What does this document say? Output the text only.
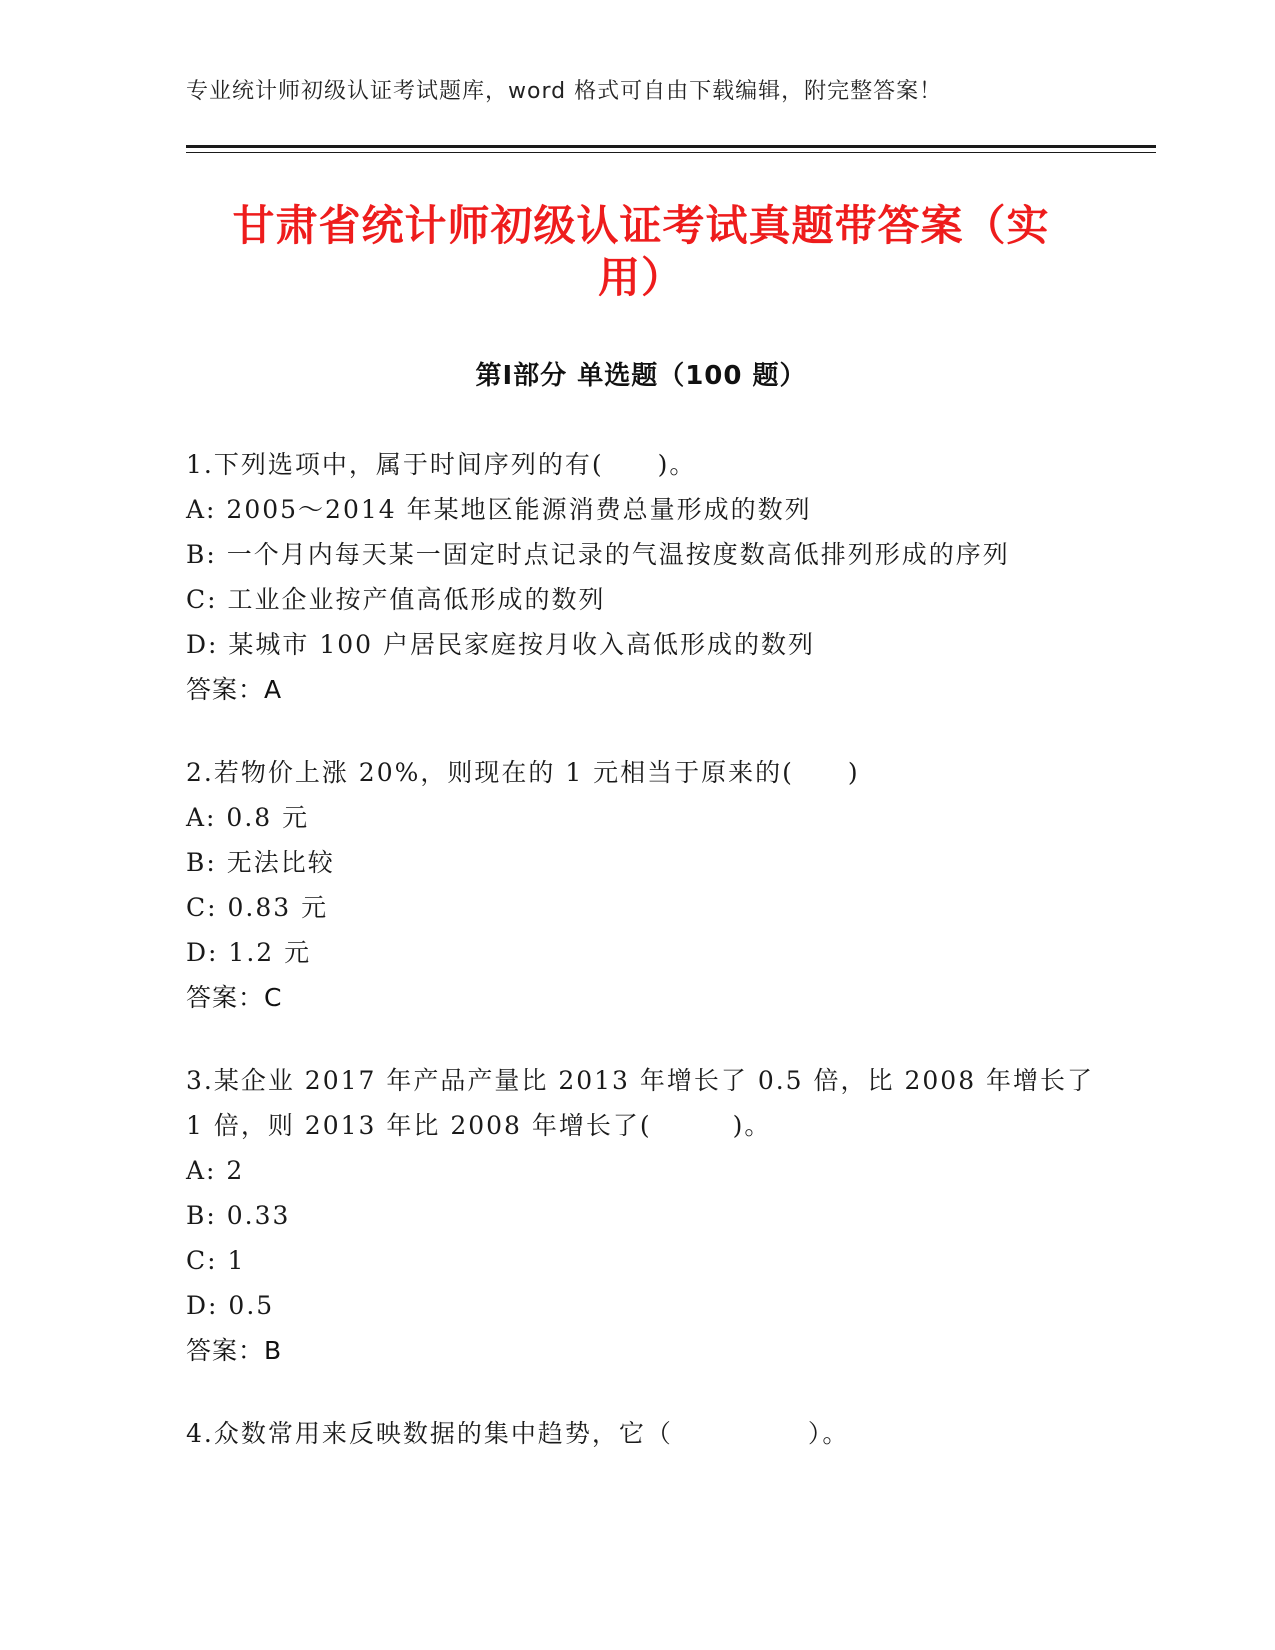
专业统计师初级认证考试题库，word 格式可自由下载编辑，附完整答案！
甘肃省统计师初级认证考试真题带答案（实
用）
第Ⅰ部分 单选题（100 题）

1.下列选项中，属于时间序列的有(　　)。

A: 2005～2014 年某地区能源消费总量形成的数列

B: 一个月内每天某一固定时点记录的气温按度数高低排列形成的序列

C: 工业企业按产值高低形成的数列

D: 某城市 100 户居民家庭按月收入高低形成的数列

答案：A

2.若物价上涨 20%，则现在的 1 元相当于原来的(　　)

A: 0.8 元

B: 无法比较

C: 0.83 元

D: 1.2 元

答案：C

3.某企业 2017 年产品产量比 2013 年增长了 0.5 倍，比 2008 年增长了

1 倍，则 2013 年比 2008 年增长了(　　　)。

A: 2

B: 0.33

C: 1

D: 0.5

答案：B

4.众数常用来反映数据的集中趋势，它（　　　　　）。
